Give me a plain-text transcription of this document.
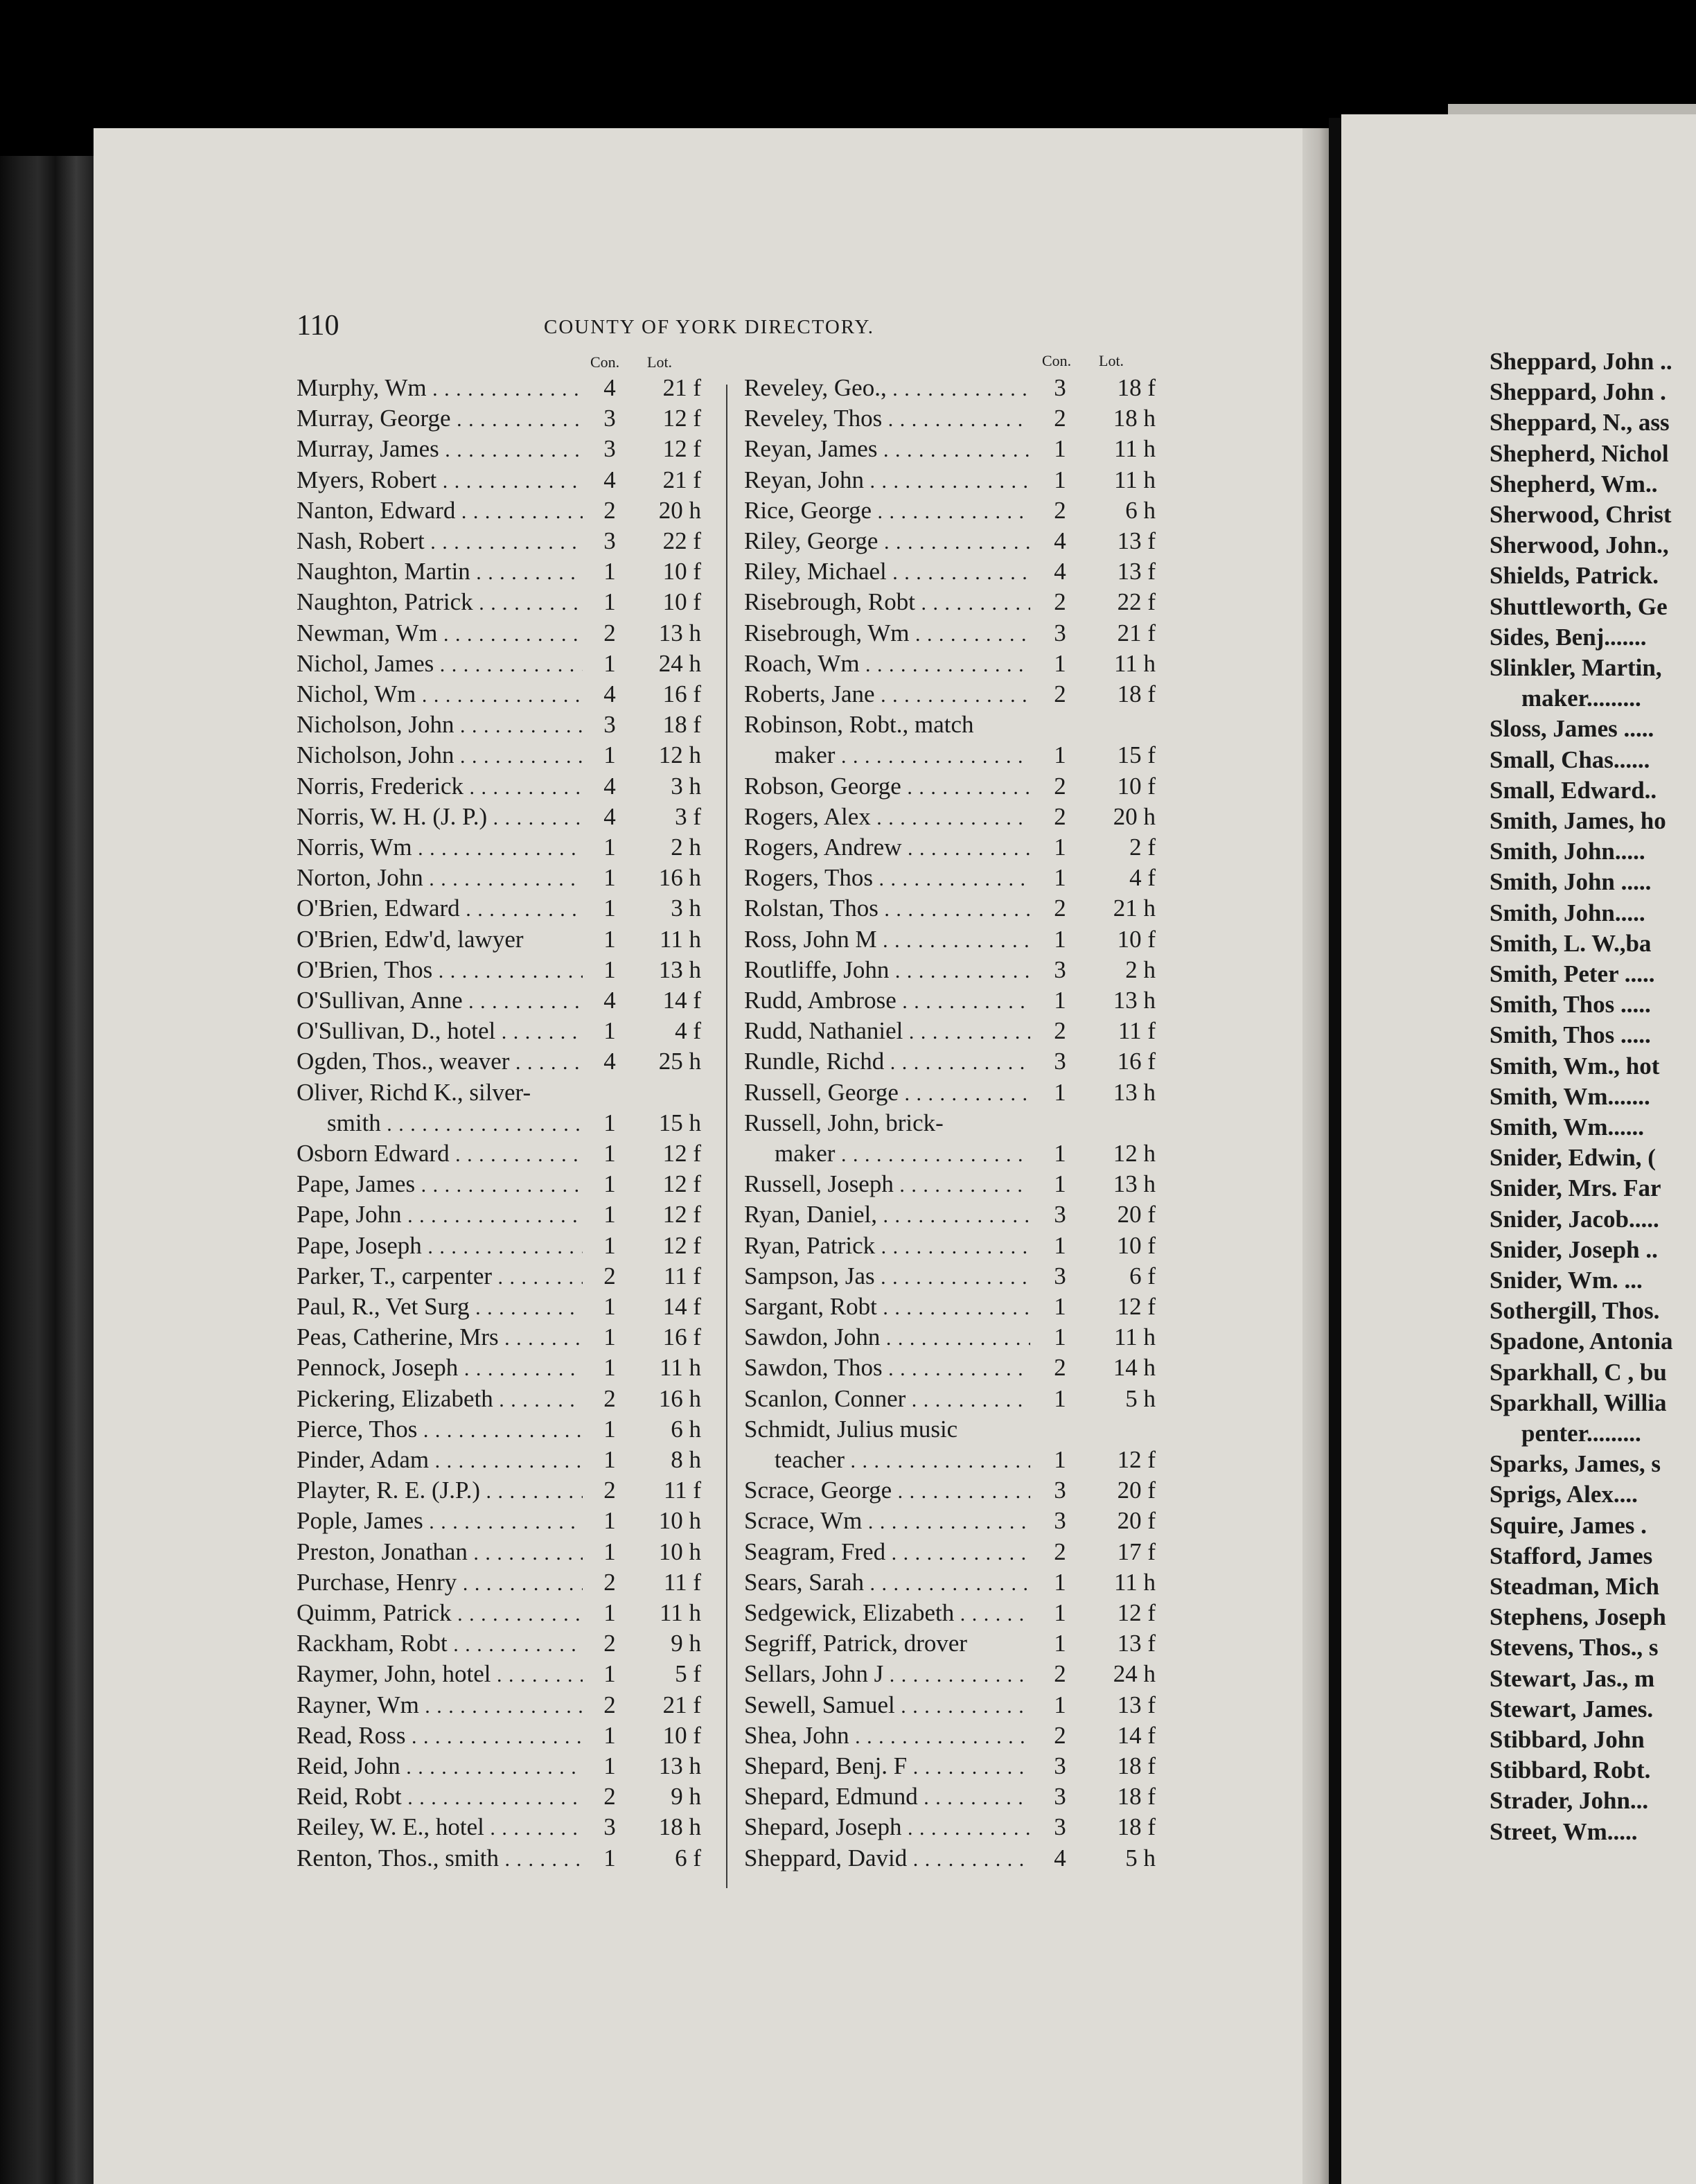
110	COUNTY OF YORK DIRECTORY.
Con. Lot.	Con. Lot.
Murphy, Wm . . .	4	21 f
Murray, George . . .	3	12 f
Murray, James . . .	3	12 f
Myers, Robert . . .	4	21 f
Nanton, Edward . . .	2	20 h
Nash, Robert . . .	3	22 f
Naughton, Martin . . .	1	10 f
Naughton, Patrick . . .	1	10 f
Newman, Wm . . .	2	13 h
Nichol, James . . .	1	24 h
Nichol, Wm . . .	4	16 f
Nicholson, John . . .	3	18 f
Nicholson, John . . .	1	12 h
Norris, Frederick . . .	4	3 h
Norris, W. H. (J. P.) . . .	4	3 f
Norris, Wm . . .	1	2 h
Norton, John . . .	1	16 h
O'Brien, Edward . . .	1	3 h
O'Brien, Edw'd, lawyer	1	11 h
O'Brien, Thos . . .	1	13 h
O'Sullivan, Anne . . .	4	14 f
O'Sullivan, D., hotel . . .	1	4 f
Ogden, Thos., weaver . . .	4	25 h
Oliver, Richd K., silver-
smith . . .	1	15 h
Osborn Edward . . .	1	12 f
Pape, James . . .	1	12 f
Pape, John . . .	1	12 f
Pape, Joseph . . .	1	12 f
Parker, T., carpenter . . .	2	11 f
Paul, R., Vet Surg . . .	1	14 f
Peas, Catherine, Mrs . . .	1	16 f
Pennock, Joseph . . .	1	11 h
Pickering, Elizabeth . . .	2	16 h
Pierce, Thos . . .	1	6 h
Pinder, Adam . . .	1	8 h
Playter, R. E. (J.P.) . . .	2	11 f
Pople, James . . .	1	10 h
Preston, Jonathan . . .	1	10 h
Purchase, Henry . . .	2	11 f
Quimm, Patrick . . .	1	11 h
Rackham, Robt . . .	2	9 h
Raymer, John, hotel . . .	1	5 f
Rayner, Wm . . .	2	21 f
Read, Ross . . .	1	10 f
Reid, John . . .	1	13 h
Reid, Robt . . .	2	9 h
Reiley, W. E., hotel . . .	3	18 h
Renton, Thos., smith . . .	1	6 f
Reveley, Geo., . . .	3	18 f
Reveley, Thos . . .	2	18 h
Reyan, James . . .	1	11 h
Reyan, John . . .	1	11 h
Rice, George . . .	2	6 h
Riley, George . . .	4	13 f
Riley, Michael . . .	4	13 f
Risebrough, Robt . . .	2	22 f
Risebrough, Wm . . .	3	21 f
Roach, Wm . . .	1	11 h
Roberts, Jane . . .	2	18 f
Robinson, Robt., match
maker . . .	1	15 f
Robson, George . . .	2	10 f
Rogers, Alex . . .	2	20 h
Rogers, Andrew . . .	1	2 f
Rogers, Thos . . .	1	4 f
Rolstan, Thos . . .	2	21 h
Ross, John M . . .	1	10 f
Routliffe, John . . .	3	2 h
Rudd, Ambrose . . .	1	13 h
Rudd, Nathaniel . . .	2	11 f
Rundle, Richd . . .	3	16 f
Russell, George . . .	1	13 h
Russell, John, brick-
maker . . .	1	12 h
Russell, Joseph . . .	1	13 h
Ryan, Daniel, . . .	3	20 f
Ryan, Patrick . . .	1	10 f
Sampson, Jas . . .	3	6 f
Sargant, Robt . . .	1	12 f
Sawdon, John . . .	1	11 h
Sawdon, Thos . . .	2	14 h
Scanlon, Conner . . .	1	5 h
Schmidt, Julius music
teacher . . .	1	12 f
Scrace, George . . .	3	20 f
Scrace, Wm . . .	3	20 f
Seagram, Fred . . .	2	17 f
Sears, Sarah . . .	1	11 h
Sedgewick, Elizabeth . . .	1	12 f
Segriff, Patrick, drover	1	13 f
Sellars, John J . . .	2	24 h
Sewell, Samuel . . .	1	13 f
Shea, John . . .	2	14 f
Shepard, Benj. F . . .	3	18 f
Shepard, Edmund . . .	3	18 f
Shepard, Joseph . . .	3	18 f
Sheppard, David . . .	4	5 h
Sheppard, John ..
Sheppard, John .
Sheppard, N., ass
Shepherd, Nichol
Shepherd, Wm..
Sherwood, Christ
Sherwood, John.,
Shields, Patrick.
Shuttleworth, Ge
Sides, Benj.......
Slinkler, Martin,
maker.........
Sloss, James .....
Small, Chas......
Small, Edward..
Smith, James, ho
Smith, John.....
Smith, John .....
Smith, John.....
Smith, L. W.,ba
Smith, Peter .....
Smith, Thos .....
Smith, Thos .....
Smith, Wm., hot
Smith, Wm.......
Smith, Wm......
Snider, Edwin, (
Snider, Mrs. Far
Snider, Jacob.....
Snider, Joseph ..
Snider, Wm. ...
Sothergill, Thos.
Spadone, Antonia
Sparkhall, C , bu
Sparkhall, Willia
penter.........
Sparks, James, s
Sprigs, Alex....
Squire, James .
Stafford, James
Steadman, Mich
Stephens, Joseph
Stevens, Thos., s
Stewart, Jas., m
Stewart, James.
Stibbard, John
Stibbard, Robt.
Strader, John...
Street, Wm.....
